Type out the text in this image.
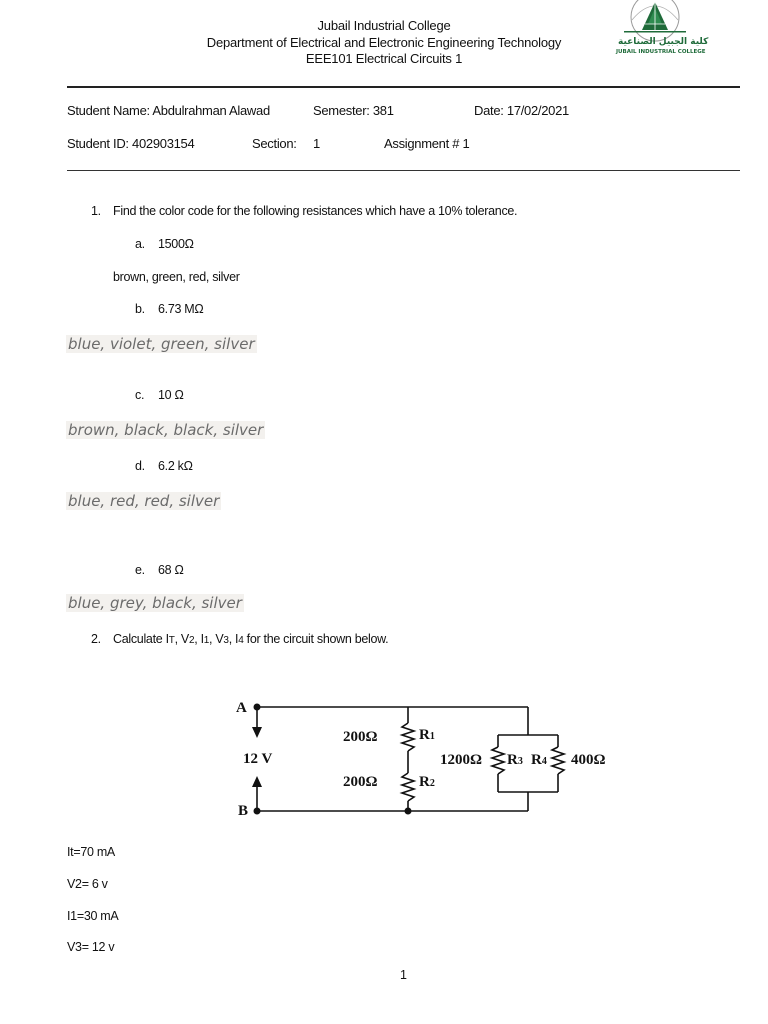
Jubail Industrial College
Department of Electrical and Electronic Engineering Technology
EEE101 Electrical Circuits 1
كلية الجبيل الصناعية
JUBAIL INDUSTRIAL COLLEGE
Student Name: Abdulrahman Alawad	Semester: 381	Date: 17/02/2021
Student ID: 402903154	Section: 1	Assignment # 1
1. Find the color code for the following resistances which have a 10% tolerance.
a. 1500Ω
brown, green, red, silver
b. 6.73 MΩ
blue, violet, green, silver
c. 10 Ω
brown, black, black, silver
d. 6.2 kΩ
blue, red, red, silver
e. 68 Ω
blue, grey, black, silver
2. Calculate IT, V2, I1, V3, I4 for the circuit shown below.
A
B
12 V
200Ω	R1
200Ω	R2
1200Ω R3 R4 400Ω
It=70 mA
V2= 6 v
I1=30 mA
V3= 12 v
1
